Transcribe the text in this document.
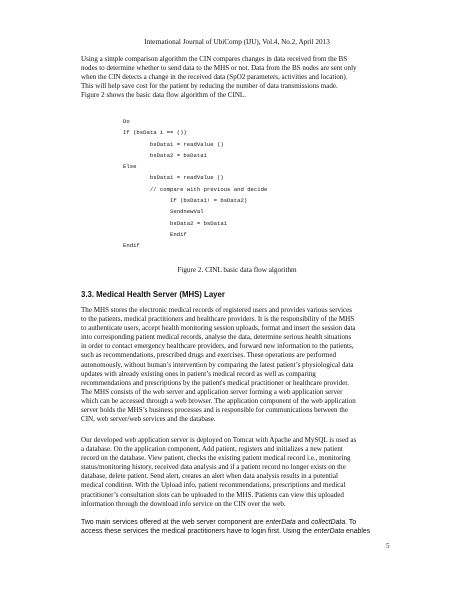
International Journal of UbiComp (IJU), Vol.4, No.2, April 2013
Using a simple comparison algorithm the CIN compares changes in data received from the BS
nodes to determine whether to send data to the MHS or not. Data from the BS nodes are sent only
when the CIN detects a change in the received data (SpO2 parameters, activities and location).
This will help save cost for the patient by reducing the number of data transmissions made.
Figure 2 shows the basic data flow algorithm of the CINL.
Do
If (bsData 1 == ())
bsData1 = readValue ()
bsData2 = bsData1
Else
bsData1 = readValue ()
// compare with previous and decide
If (bsData1! = bsData2)
SendnewVal
bsData2 = bsData1
Endif
Endif
Figure 2. CINL basic data flow algorithm
3.3. Medical Health Server (MHS) Layer
The MHS stores the electronic medical records of registered users and provides various services
to the patients, medical practitioners and healthcare providers. It is the responsibility of the MHS
to authenticate users, accept health monitoring session uploads, format and insert the session data
into corresponding patient medical records, analyse the data, determine serious health situations
in order to contact emergency healthcare providers, and forward new information to the patients,
such as recommendations, prescribed drugs and exercises. These operations are performed
autonomously, without human’s intervention by comparing the latest patient’s physiological data
updates with already existing ones in patient’s medical record as well as comparing
recommendations and prescriptions by the patient's medical practitioner or healthcare provider.
The MHS consists of the web server and application server forming a web application server
which can be accessed through a web browser. The application component of the web application
server holds the MHS’s business processes and is responsible for communications between the
CIN, web server/web services and the database.
Our developed web application server is deployed on Tomcat with Apache and MySQL is used as
a database. On the application component, Add patient, registers and initializes a new patient
record on the database. View patient, checks the existing patient medical record i.e., monitoring
status/monitoring history, received data analysis and if a patient record no longer exists on the
database, delete patient. Send alert, creates an alert when data analysis results in a potential
medical condition. With the Upload info, patient recommendations, prescriptions and medical
practitioner’s consultation slots can be uploaded to the MHS. Patients can view this uploaded
information through the download info service on the CIN over the web.
Two main services offered at the web server component are enterData and collectData. To
access these services the medical practitioners have to login first. Using the enterData enables
5
